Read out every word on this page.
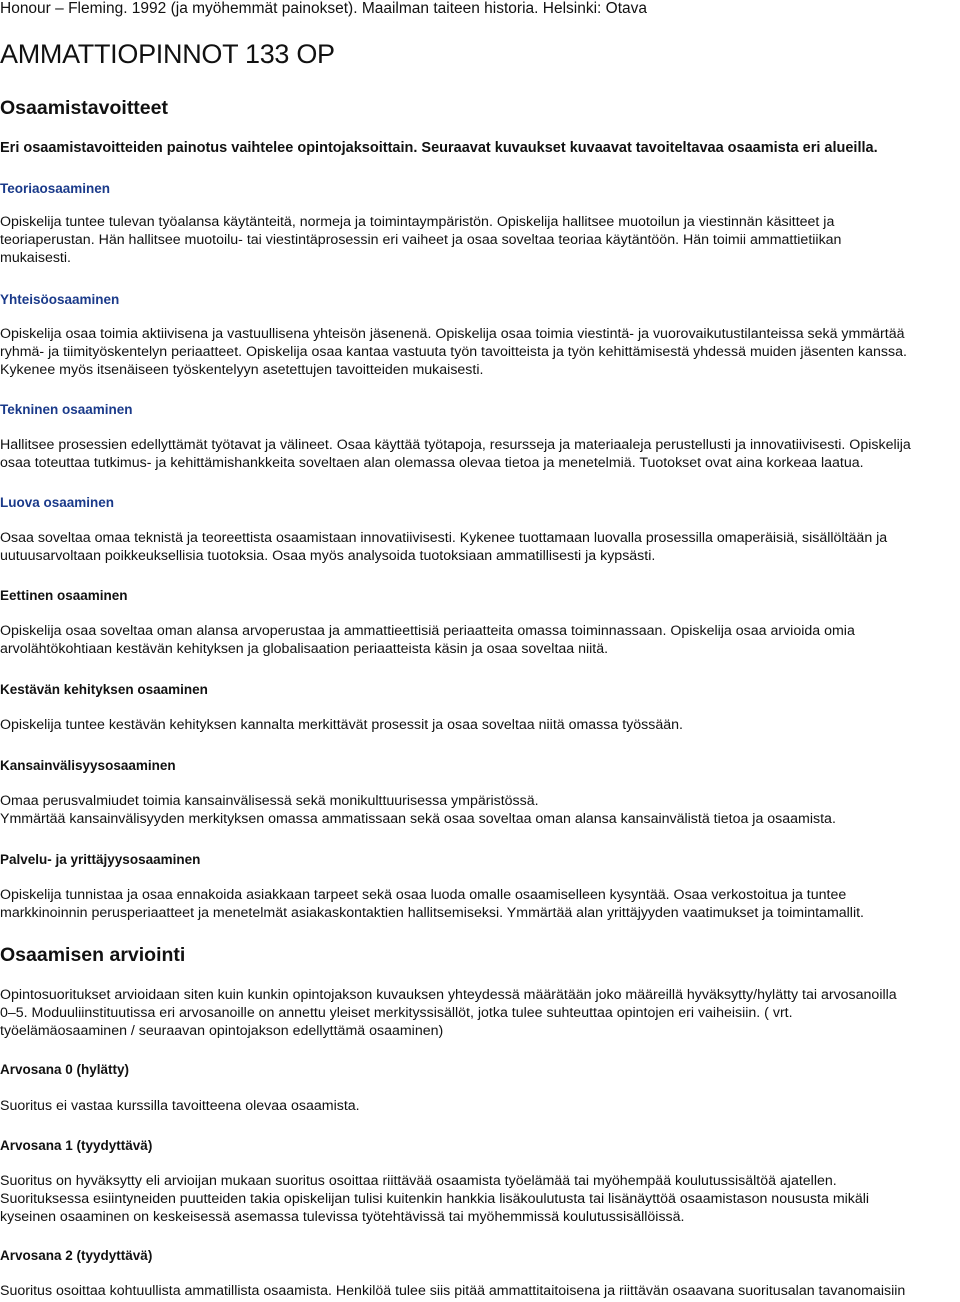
Honour – Fleming. 1992 (ja myöhemmät painokset). Maailman taiteen historia. Helsinki: Otava
AMMATTIOPINNOT 133 OP
Osaamistavoitteet
Eri osaamistavoitteiden painotus vaihtelee opintojaksoittain. Seuraavat kuvaukset kuvaavat tavoiteltavaa osaamista eri alueilla.
Teoriaosaaminen
Opiskelija tuntee tulevan työalansa käytänteitä, normeja ja toimintaympäristön. Opiskelija hallitsee muotoilun ja viestinnän käsitteet ja
teoriaperustan. Hän hallitsee muotoilu- tai viestintäprosessin eri vaiheet ja osaa soveltaa teoriaa käytäntöön. Hän toimii ammattietiikan
mukaisesti.
Yhteisöosaaminen
Opiskelija osaa toimia aktiivisena ja vastuullisena yhteisön jäsenenä. Opiskelija osaa toimia viestintä- ja vuorovaikutustilanteissa sekä ymmärtää
ryhmä- ja tiimityöskentelyn periaatteet. Opiskelija osaa kantaa vastuuta työn tavoitteista ja työn kehittämisestä yhdessä muiden jäsenten kanssa.
Kykenee myös itsenäiseen työskentelyyn asetettujen tavoitteiden mukaisesti.
Tekninen osaaminen
Hallitsee prosessien edellyttämät työtavat ja välineet. Osaa käyttää työtapoja, resursseja ja materiaaleja perustellusti ja innovatiivisesti. Opiskelija
osaa toteuttaa tutkimus- ja kehittämishankkeita soveltaen alan olemassa olevaa tietoa ja menetelmiä. Tuotokset ovat aina korkeaa laatua.
Luova osaaminen
Osaa soveltaa omaa teknistä ja teoreettista osaamistaan innovatiivisesti. Kykenee tuottamaan luovalla prosessilla omaperäisiä, sisällöltään ja
uutuusarvoltaan poikkeuksellisia tuotoksia. Osaa myös analysoida tuotoksiaan ammatillisesti ja kypsästi.
Eettinen osaaminen
Opiskelija osaa soveltaa oman alansa arvoperustaa ja ammattieettisiä periaatteita omassa toiminnassaan. Opiskelija osaa arvioida omia
arvolähtökohtiaan kestävän kehityksen ja globalisaation periaatteista käsin ja osaa soveltaa niitä.
Kestävän kehityksen osaaminen
Opiskelija tuntee kestävän kehityksen kannalta merkittävät prosessit ja osaa soveltaa niitä omassa työssään.
Kansainvälisyysosaaminen
Omaa perusvalmiudet toimia kansainvälisessä sekä monikulttuurisessa ympäristössä.
Ymmärtää kansainvälisyyden merkityksen omassa ammatissaan sekä osaa soveltaa oman alansa kansainvälistä tietoa ja osaamista.
Palvelu- ja yrittäjyysosaaminen
Opiskelija tunnistaa ja osaa ennakoida asiakkaan tarpeet sekä osaa luoda omalle osaamiselleen kysyntää. Osaa verkostoitua ja tuntee
markkinoinnin perusperiaatteet ja menetelmät asiakaskontaktien hallitsemiseksi. Ymmärtää alan yrittäjyyden vaatimukset ja toimintamallit.
Osaamisen arviointi
Opintosuoritukset arvioidaan siten kuin kunkin opintojakson kuvauksen yhteydessä määrätään joko määreillä hyväksytty/hylätty tai arvosanoilla
0–5. Moduuliinstituutissa eri arvosanoille on annettu yleiset merkityssisällöt, jotka tulee suhteuttaa opintojen eri vaiheisiin. ( vrt.
työelämäosaaminen / seuraavan opintojakson edellyttämä osaaminen)
Arvosana 0 (hylätty)
Suoritus ei vastaa kurssilla tavoitteena olevaa osaamista.
Arvosana 1 (tyydyttävä)
Suoritus on hyväksytty eli arvioijan mukaan suoritus osoittaa riittävää osaamista työelämää tai myöhempää koulutussisältöä ajatellen.
Suorituksessa esiintyneiden puutteiden takia opiskelijan tulisi kuitenkin hankkia lisäkoulutusta tai lisänäyttöä osaamistason noususta mikäli
kyseinen osaaminen on keskeisessä asemassa tulevissa työtehtävissä tai myöhemmissä koulutussisällöissä.
Arvosana 2 (tyydyttävä)
Suoritus osoittaa kohtuullista ammatillista osaamista. Henkilöä tulee siis pitää ammattitaitoisena ja riittävän osaavana suoritusalan tavanomaisiin
